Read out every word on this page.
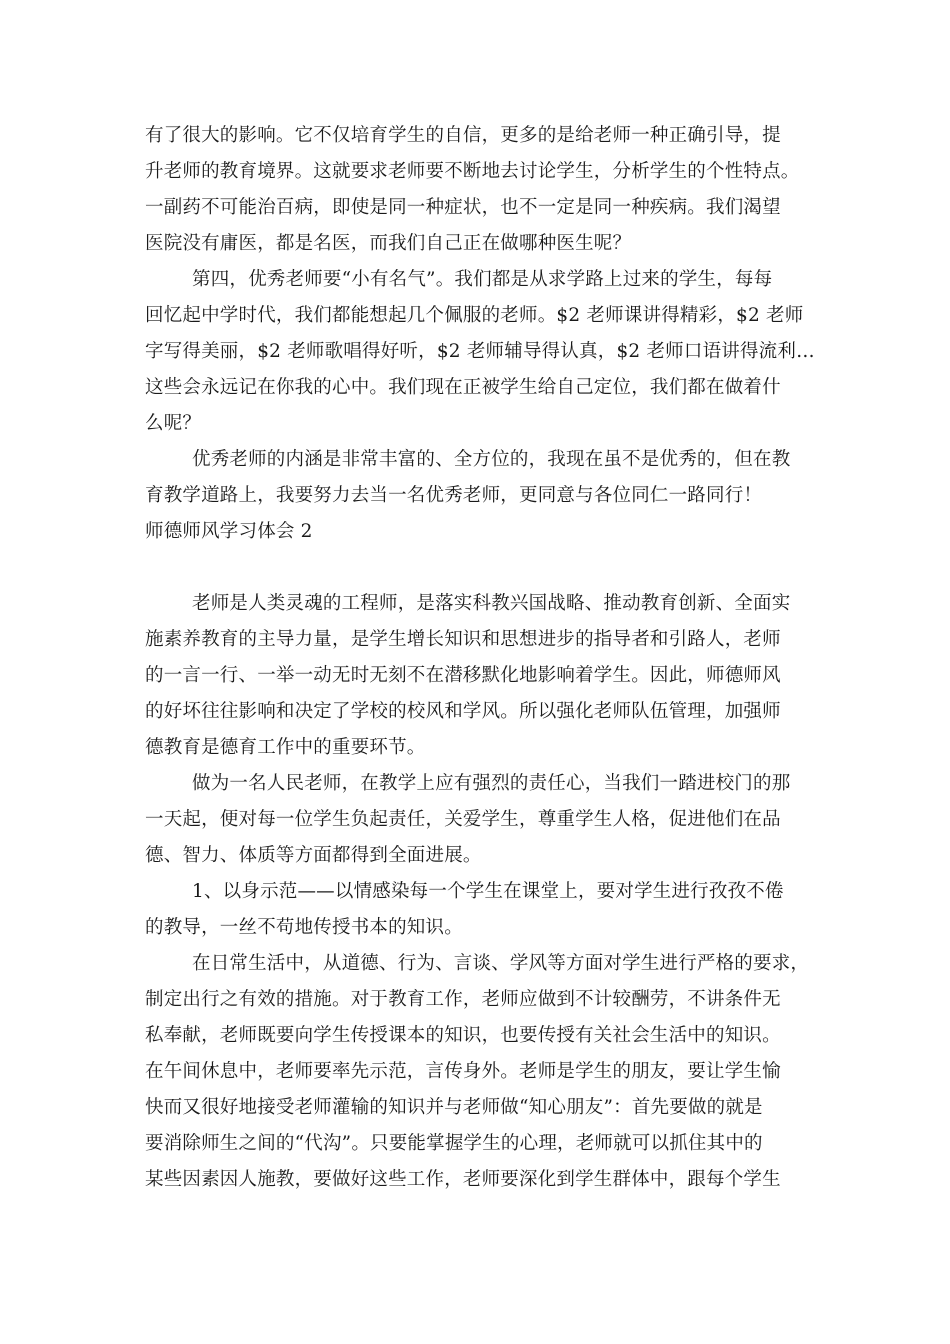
有了很大的影响。它不仅培育学生的自信，更多的是给老师一种正确引导，提
升老师的教育境界。这就要求老师要不断地去讨论学生，分析学生的个性特点。
一副药不可能治百病，即使是同一种症状，也不一定是同一种疾病。我们渴望
医院没有庸医，都是名医，而我们自己正在做哪种医生呢？
第四，优秀老师要“小有名气”。我们都是从求学路上过来的学生，每每
回忆起中学时代，我们都能想起几个佩服的老师。$2 老师课讲得精彩，$2 老师
字写得美丽，$2 老师歌唱得好听，$2 老师辅导得认真，$2 老师口语讲得流利…
这些会永远记在你我的心中。我们现在正被学生给自己定位，我们都在做着什
么呢？
优秀老师的内涵是非常丰富的、全方位的，我现在虽不是优秀的，但在教
育教学道路上，我要努力去当一名优秀老师，更同意与各位同仁一路同行！
师德师风学习体会 2
老师是人类灵魂的工程师，是落实科教兴国战略、推动教育创新、全面实
施素养教育的主导力量，是学生增长知识和思想进步的指导者和引路人，老师
的一言一行、一举一动无时无刻不在潜移默化地影响着学生。因此，师德师风
的好坏往往影响和决定了学校的校风和学风。所以强化老师队伍管理，加强师
德教育是德育工作中的重要环节。
做为一名人民老师，在教学上应有强烈的责任心，当我们一踏进校门的那
一天起，便对每一位学生负起责任，关爱学生，尊重学生人格，促进他们在品
德、智力、体质等方面都得到全面进展。
1、以身示范——以情感染每一个学生在课堂上，要对学生进行孜孜不倦
的教导，一丝不苟地传授书本的知识。
在日常生活中，从道德、行为、言谈、学风等方面对学生进行严格的要求，
制定出行之有效的措施。对于教育工作，老师应做到不计较酬劳，不讲条件无
私奉献，老师既要向学生传授课本的知识，也要传授有关社会生活中的知识。
在午间休息中，老师要率先示范，言传身外。老师是学生的朋友，要让学生愉
快而又很好地接受老师灌输的知识并与老师做“知心朋友”：首先要做的就是
要消除师生之间的“代沟”。只要能掌握学生的心理，老师就可以抓住其中的
某些因素因人施教，要做好这些工作，老师要深化到学生群体中，跟每个学生
